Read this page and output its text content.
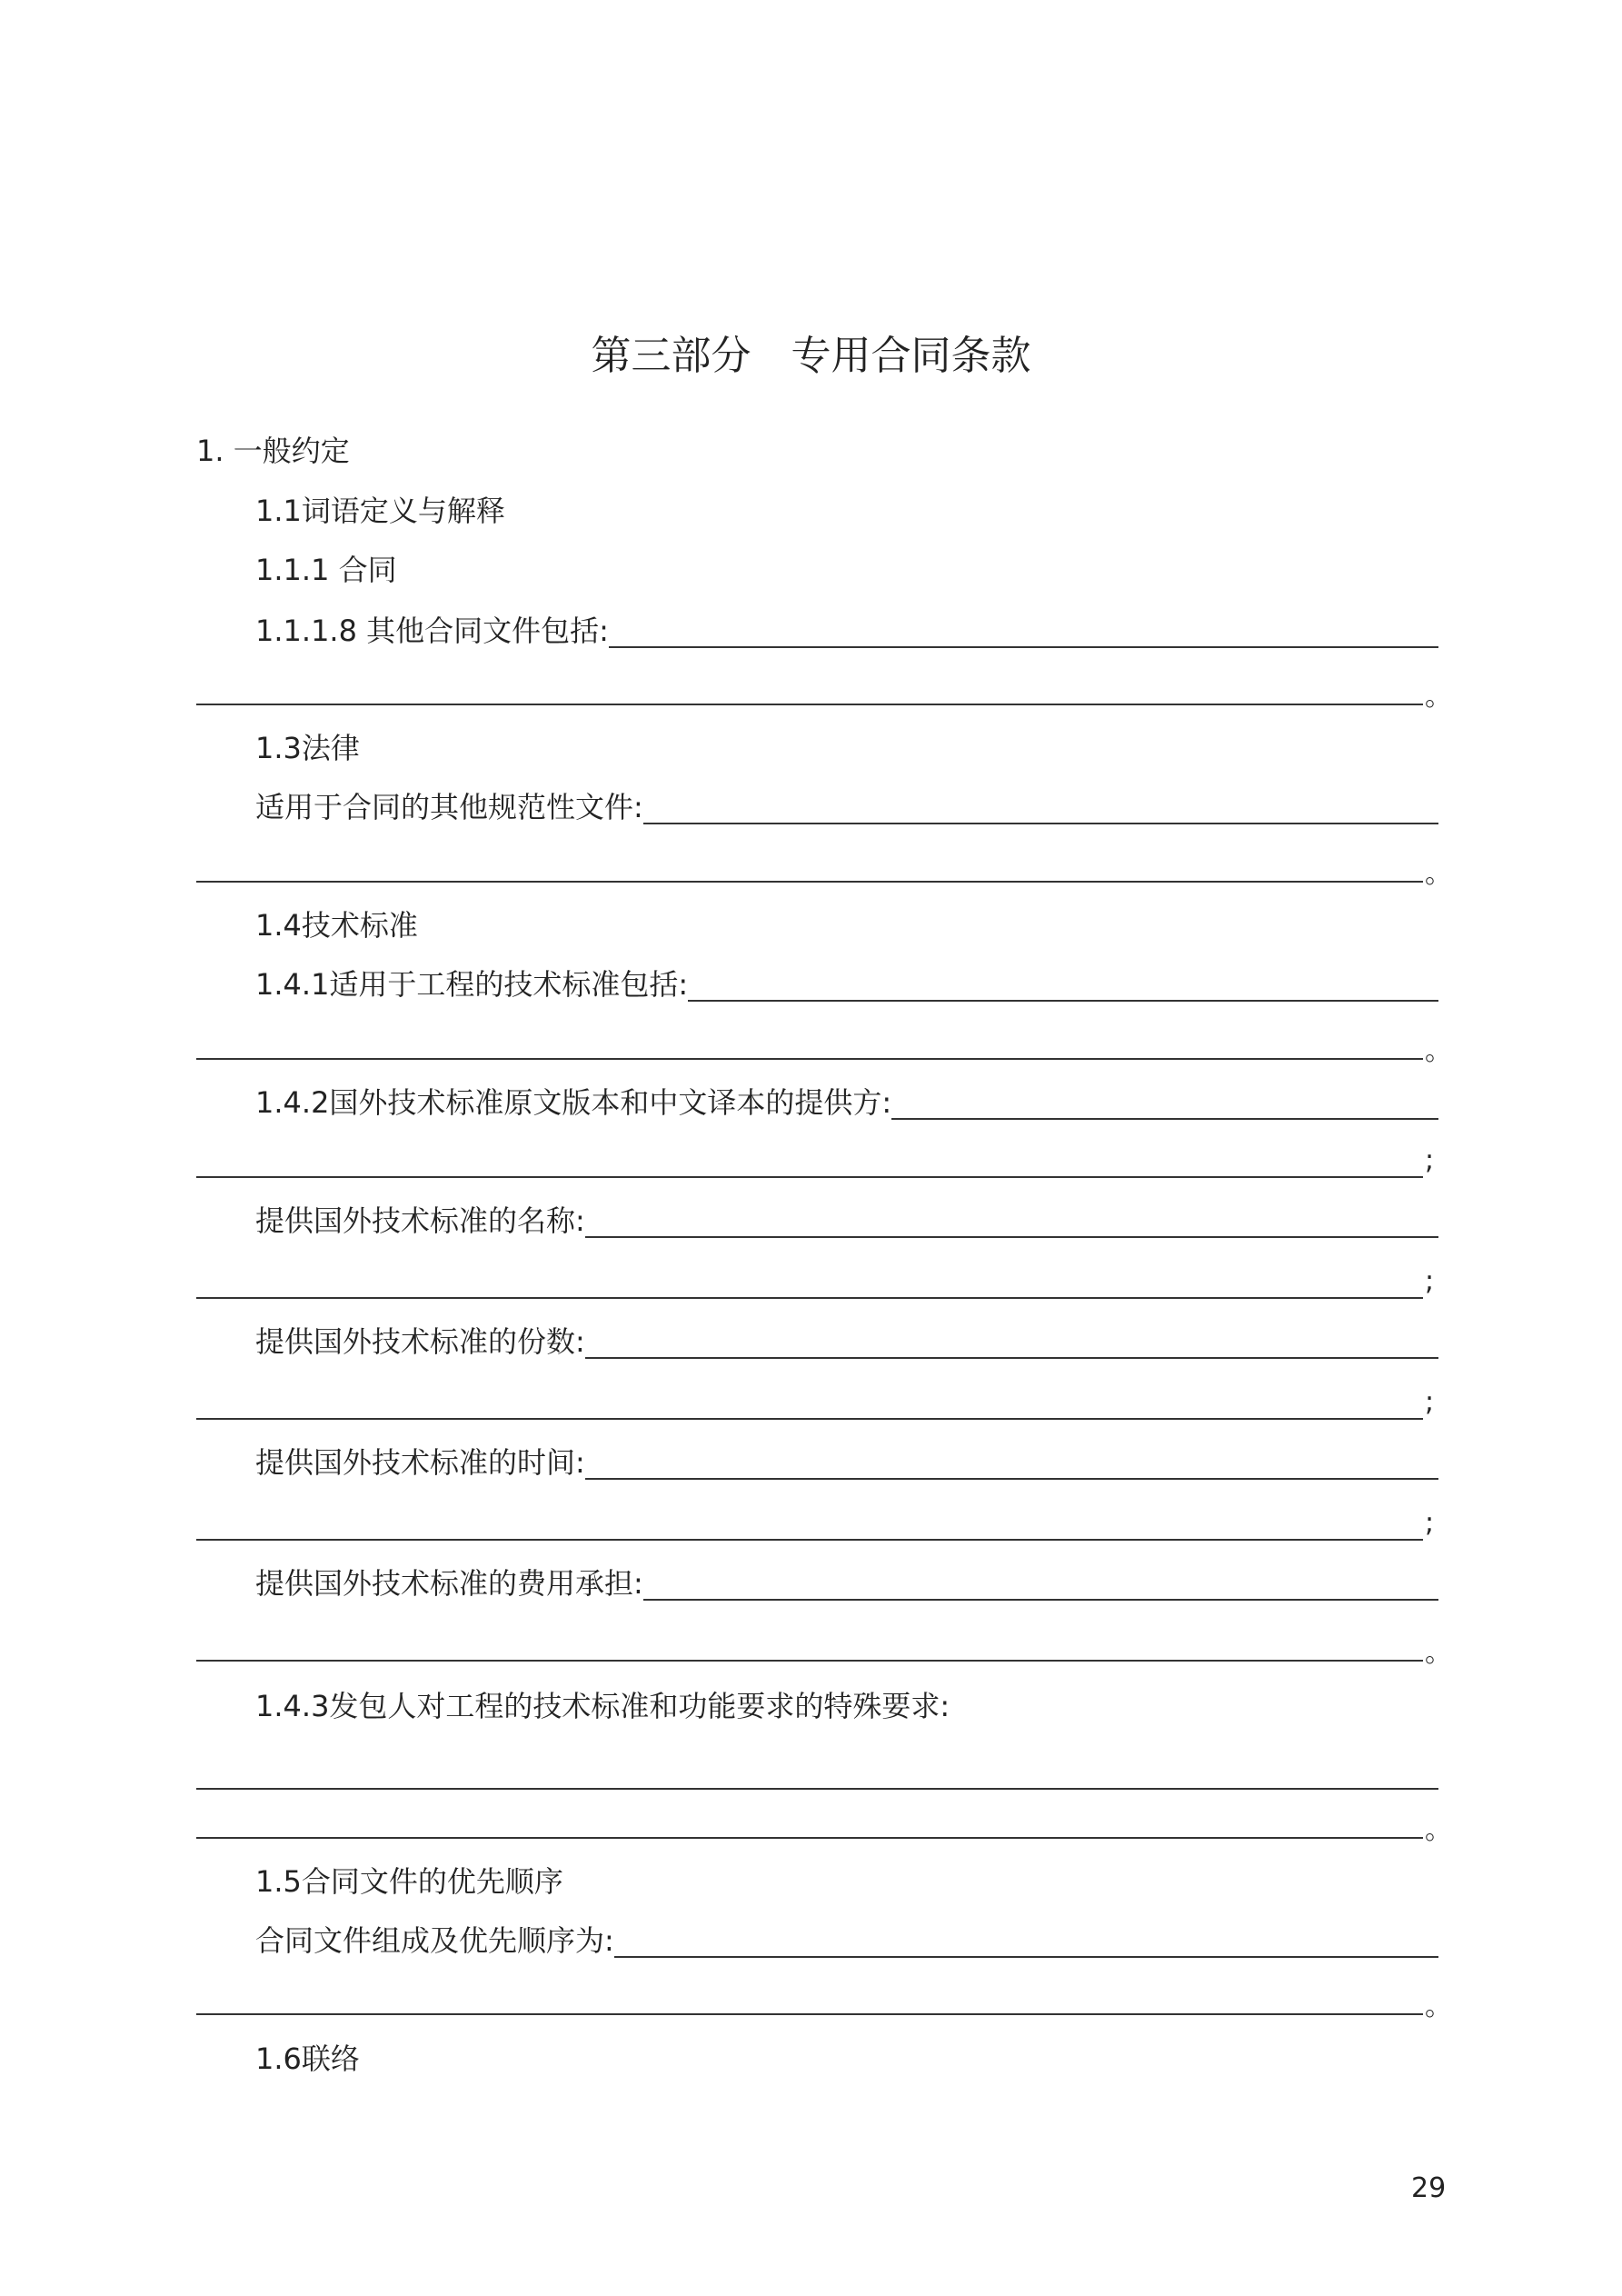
第三部分　专用合同条款
1. 一般约定
1.1词语定义与解释
1.1.1 合同
1.1.1.8 其他合同文件包括:
。
1.3法律
适用于合同的其他规范性文件:
。
1.4技术标准
1.4.1适用于工程的技术标准包括:
。
1.4.2国外技术标准原文版本和中文译本的提供方:
;
提供国外技术标准的名称:
;
提供国外技术标准的份数:
;
提供国外技术标准的时间:
;
提供国外技术标准的费用承担:
。
1.4.3发包人对工程的技术标准和功能要求的特殊要求:
。
1.5合同文件的优先顺序
合同文件组成及优先顺序为:
。
1.6联络
29
